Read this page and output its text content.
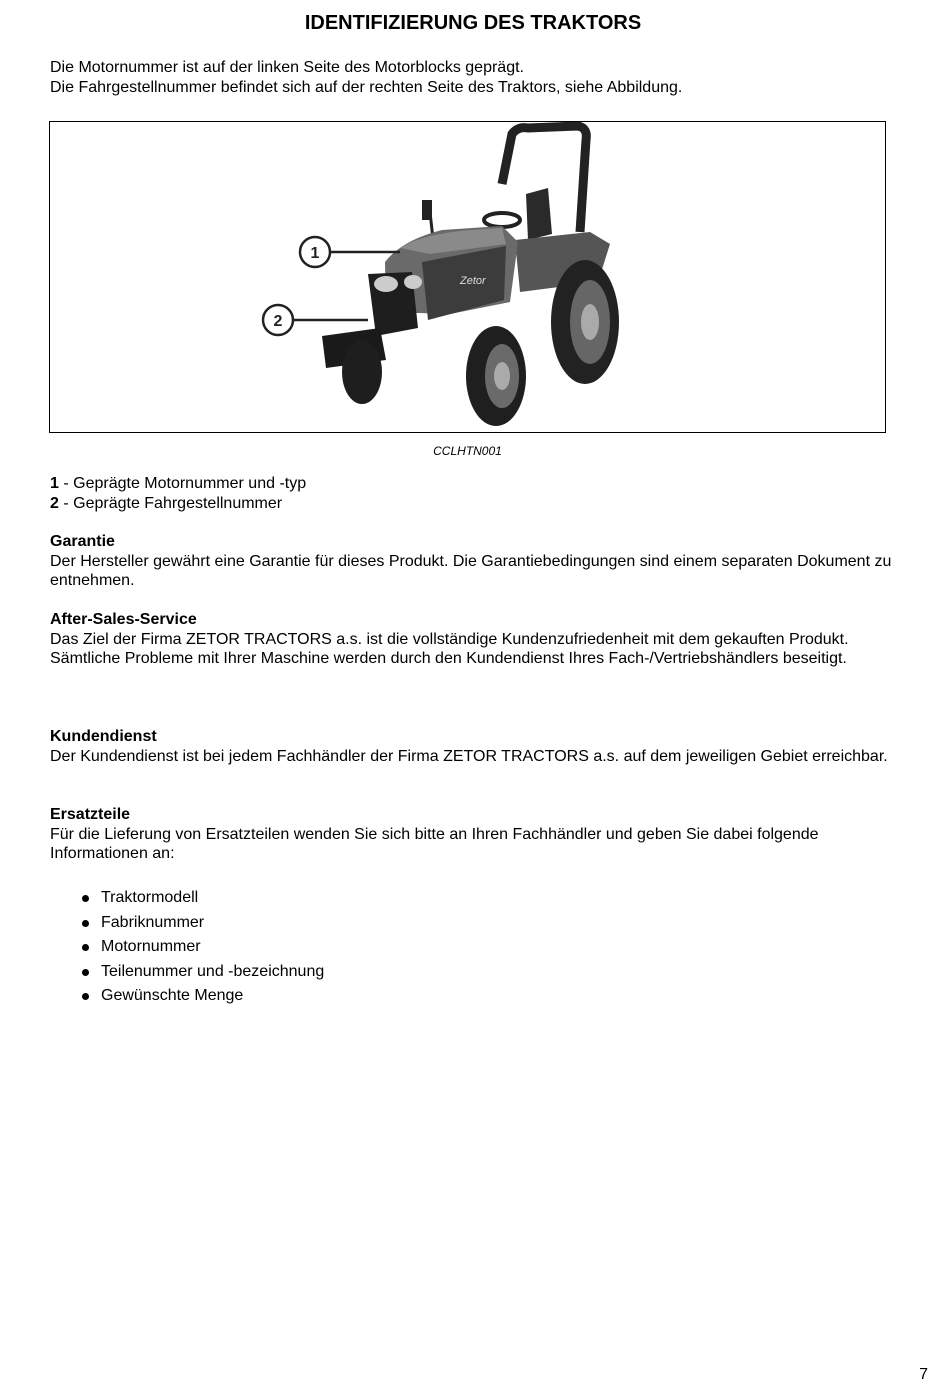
IDENTIFIZIERUNG DES TRAKTORS

Die Motornummer ist auf der linken Seite des Motorblocks geprägt.
Die Fahrgestellnummer befindet sich auf der rechten Seite des Traktors, siehe Abbildung.

Zetor
1
2
CCLHTN001

1 - Geprägte Motornummer und -typ
2 - Geprägte Fahrgestellnummer

Garantie
Der Hersteller gewährt eine Garantie für dieses Produkt. Die Garantiebedingungen sind einem separaten Dokument zu entnehmen.

After-Sales-Service
Das Ziel der Firma ZETOR TRACTORS a.s. ist die vollständige Kundenzufriedenheit mit dem gekauften Produkt.
Sämtliche Probleme mit Ihrer Maschine werden durch den Kundendienst Ihres Fach-/Vertriebshändlers beseitigt.

Kundendienst
Der Kundendienst ist bei jedem Fachhändler der Firma ZETOR TRACTORS a.s. auf dem jeweiligen Gebiet erreichbar.

Ersatzteile
Für die Lieferung von Ersatzteilen wenden Sie sich bitte an Ihren Fachhändler und geben Sie dabei folgende Informationen an:

Traktormodell
Fabriknummer
Motornummer
Teilenummer und -bezeichnung
Gewünschte Menge
7
